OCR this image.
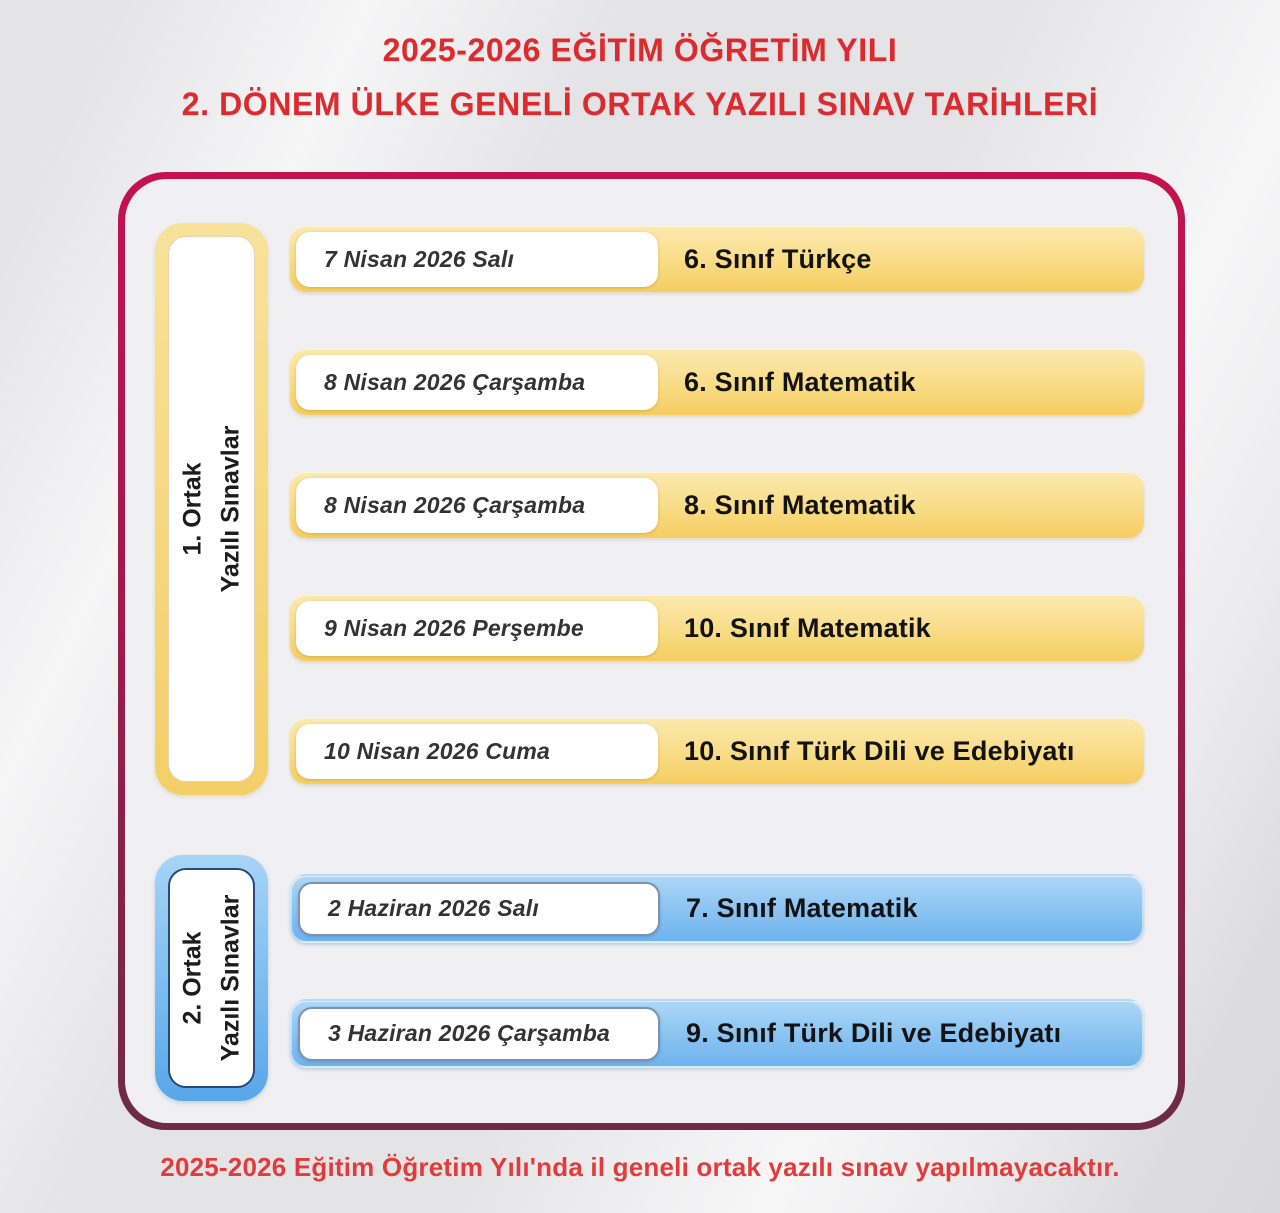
2025-2026 EĞİTİM ÖĞRETİM YILI
2. DÖNEM ÜLKE GENELİ ORTAK YAZILI SINAV TARİHLERİ
1. Ortak Yazılı Sınavlar
7 Nisan 2026 Salı	6. Sınıf Türkçe
8 Nisan 2026 Çarşamba	6. Sınıf Matematik
8 Nisan 2026 Çarşamba	8. Sınıf Matematik
9 Nisan 2026 Perşembe	10. Sınıf Matematik
10 Nisan 2026 Cuma	10. Sınıf Türk Dili ve Edebiyatı
2. Ortak Yazılı Sınavlar	2 Haziran 2026 Salı	7. Sınıf Matematik
3 Haziran 2026 Çarşamba	9. Sınıf Türk Dili ve Edebiyatı
2025-2026 Eğitim Öğretim Yılı'nda il geneli ortak yazılı sınav yapılmayacaktır.
